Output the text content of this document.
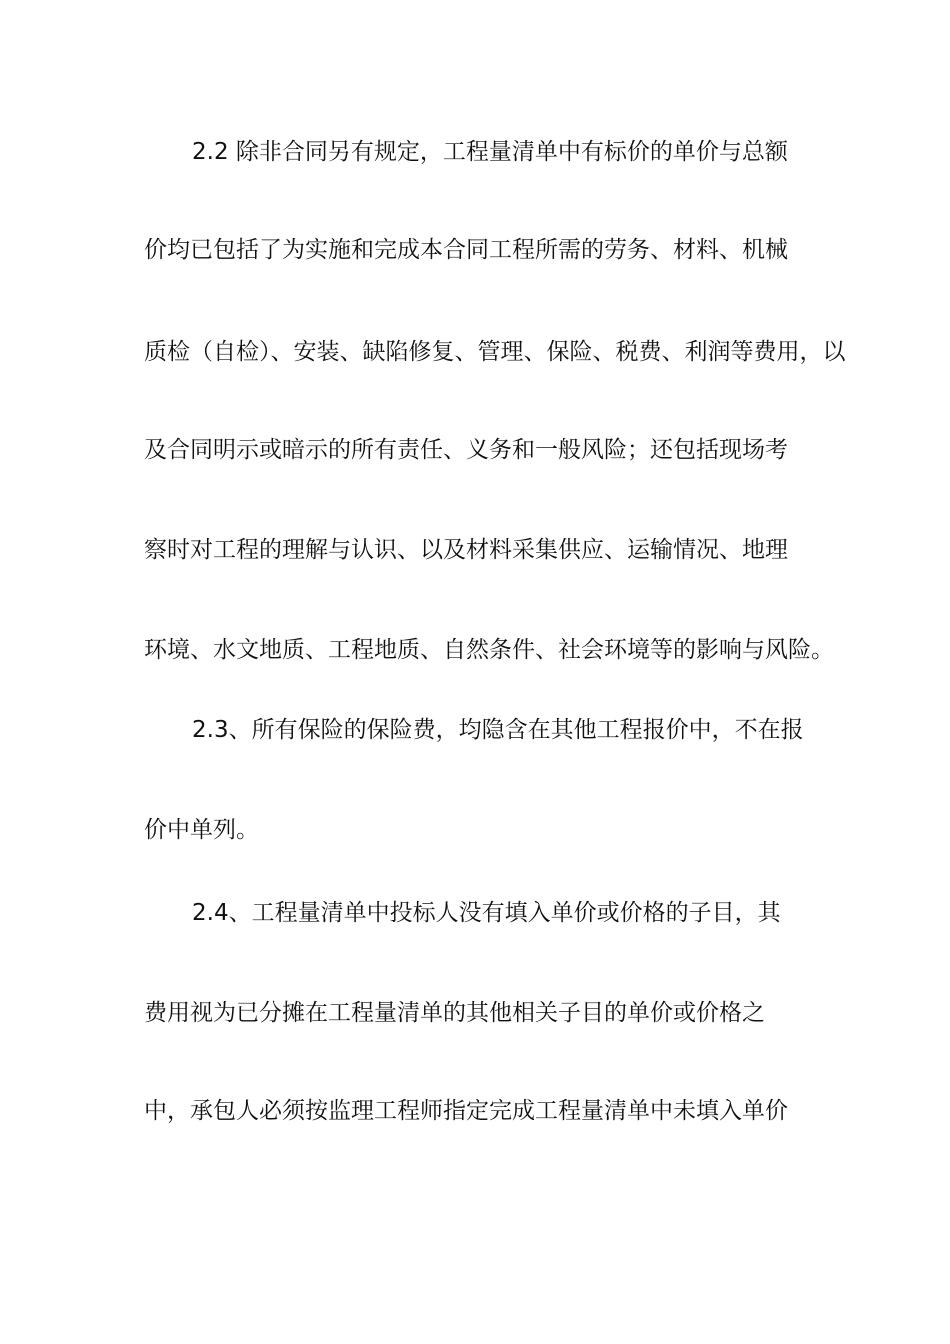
2.2 除非合同另有规定，工程量清单中有标价的单价与总额
价均已包括了为实施和完成本合同工程所需的劳务、材料、机械
质检（自检）、安装、缺陷修复、管理、保险、税费、利润等费用，以
及合同明示或暗示的所有责任、义务和一般风险；还包括现场考
察时对工程的理解与认识、以及材料采集供应、运输情况、地理
环境、水文地质、工程地质、自然条件、社会环境等的影响与风险。
2.3、所有保险的保险费，均隐含在其他工程报价中，不在报
价中单列。
2.4、工程量清单中投标人没有填入单价或价格的子目，其
费用视为已分摊在工程量清单的其他相关子目的单价或价格之
中，承包人必须按监理工程师指定完成工程量清单中未填入单价
